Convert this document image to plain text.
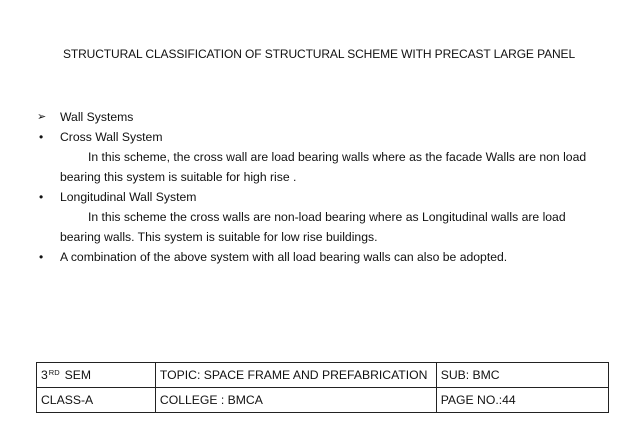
STRUCTURAL CLASSIFICATION OF STRUCTURAL SCHEME WITH PRECAST LARGE PANEL
➢	Wall Systems
•	Cross Wall System
In this scheme, the cross wall are load bearing walls where as the facade Walls are non load bearing this system is suitable for high rise .
•	Longitudinal Wall System
In this scheme the cross walls are non-load bearing where as Longitudinal walls are load bearing walls. This system is suitable for low rise buildings.
•	A combination of the above system with all load bearing walls can also be adopted.
3RD SEM	TOPIC: SPACE FRAME AND PREFABRICATION	SUB: BMC
CLASS-A	COLLEGE : BMCA	PAGE NO.:44
